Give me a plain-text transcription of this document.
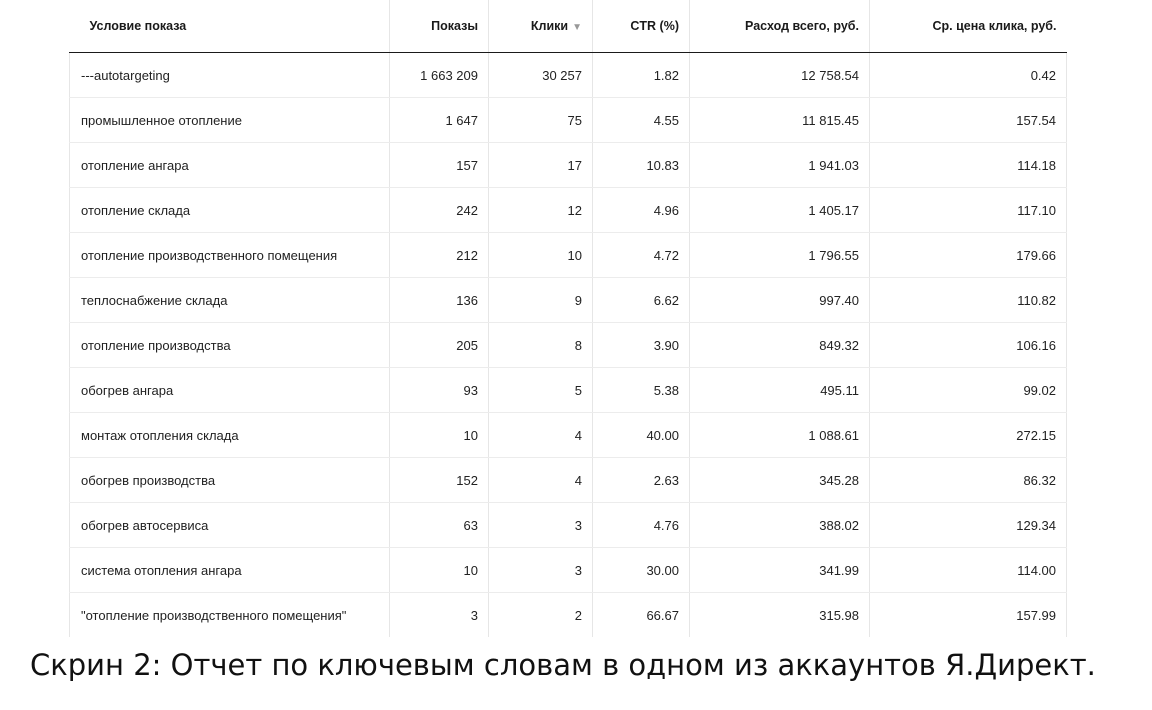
Условие показа	Показы	Клики ▼	CTR (%)	Расход всего, руб.	Ср. цена клика, руб.
---autotargeting	1 663 209	30 257	1.82	12 758.54	0.42
промышленное отопление	1 647	75	4.55	11 815.45	157.54
отопление ангара	157	17	10.83	1 941.03	114.18
отопление склада	242	12	4.96	1 405.17	117.10
отопление производственного помещения	212	10	4.72	1 796.55	179.66
теплоснабжение склада	136	9	6.62	997.40	110.82
отопление производства	205	8	3.90	849.32	106.16
обогрев ангара	93	5	5.38	495.11	99.02
монтаж отопления склада	10	4	40.00	1 088.61	272.15
обогрев производства	152	4	2.63	345.28	86.32
обогрев автосервиса	63	3	4.76	388.02	129.34
система отопления ангара	10	3	30.00	341.99	114.00
"отопление производственного помещения"	3	2	66.67	315.98	157.99
Скрин 2: Отчет по ключевым словам в одном из аккаунтов Я.Директ.
